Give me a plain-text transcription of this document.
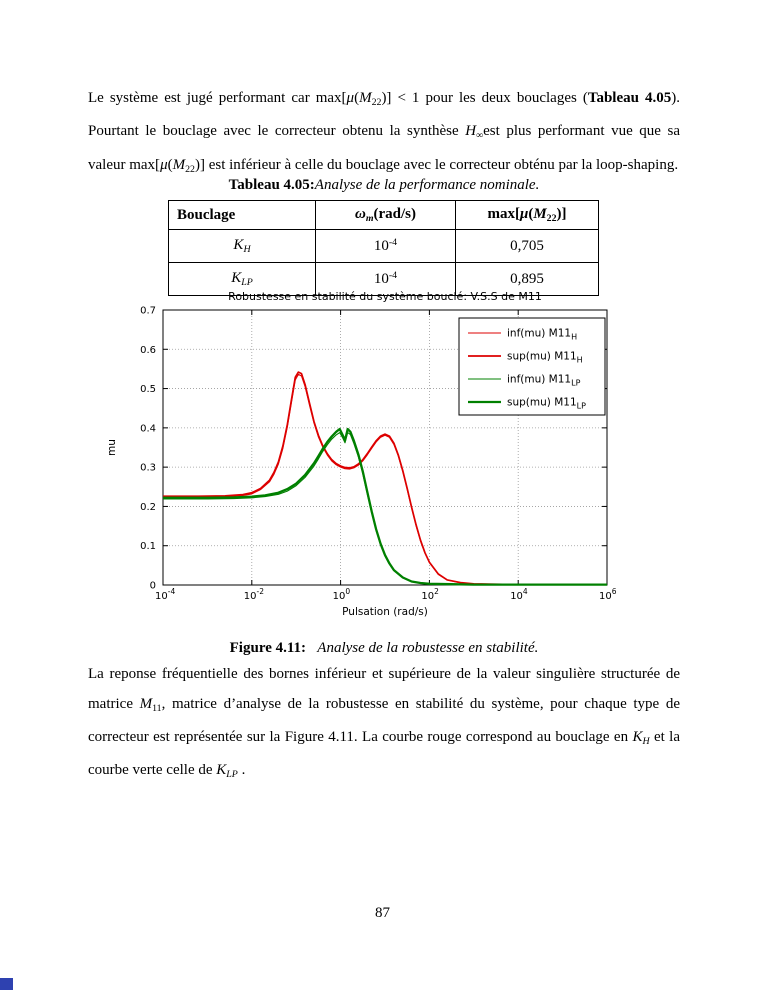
Le système est jugé performant car max[μ(M22)] < 1 pour les deux bouclages (Tableau 4.05). Pourtant le bouclage avec le correcteur obtenu la synthèse H∞est plus performant vue que sa valeur max[μ(M22)] est inférieur à celle du bouclage avec le correcteur obténu par la loop-shaping.
Tableau 4.05:Analyse de la performance nominale.
Bouclage	ωm(rad/s)	max[μ(M22)]
KH	$10^{-4}$	0,705
KLP	$10^{-4}$	0,895
$10^{-4}$	$10^{-2}$	$10^0$	$10^2$	$10^4$	$10^6$
0
0.1
0.2
0.3
0.4
0.5
0.6
0.7
Robustesse en stabilité du système bouclé: V.S.S de M11
Pulsation (rad/s)
mu
inf(mu) $M11_H$
sup(mu) $M11_H$
inf(mu) $M11_{LP}$
sup(mu) $M11_{LP}$
Figure 4.11: Analyse de la robustesse en stabilité.
La reponse fréquentielle des bornes inférieur et supérieure de la valeur singulière structurée de matrice M11, matrice d’analyse de la robustesse en stabilité du système, pour chaque type de correcteur est représentée sur la Figure 4.11. La courbe rouge correspond au bouclage en KH et la courbe verte celle de KLP .
87
